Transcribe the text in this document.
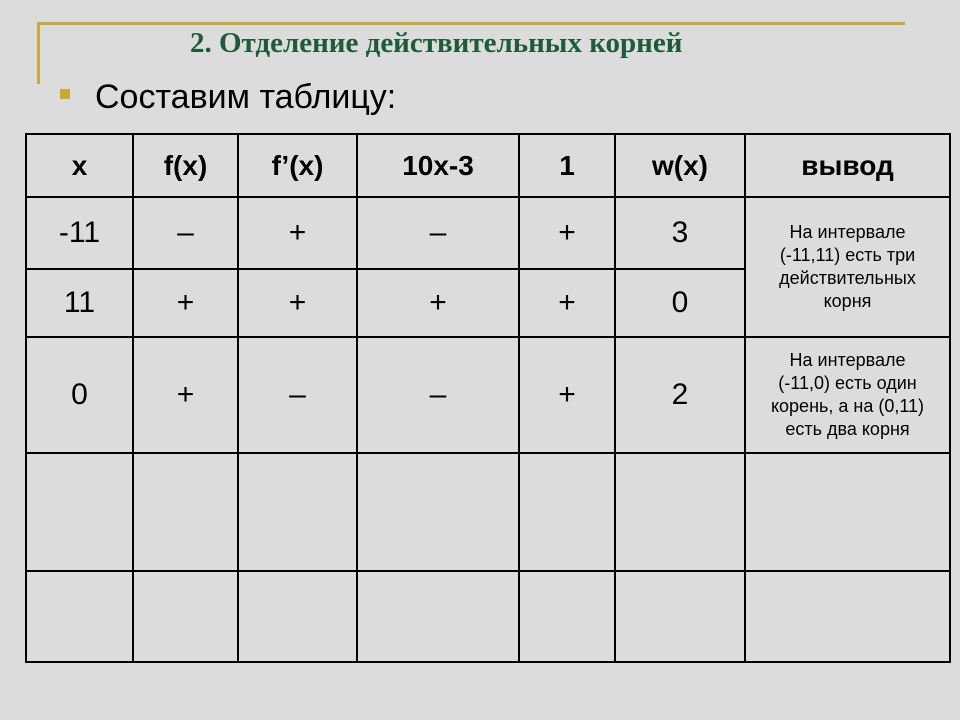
2. Отделение действительных корней
Составим таблицу:
x	f(x)	f’(x)	10x-3	1	w(x)	вывод
-11	–	+	–	+	3	На интервале
(-11,11) есть три
действительных
корня

11	+	+	+	+	0	
0	+	–	–	+	2	На интервале
(-11,0) есть один
корень, а на (0,11)
есть два корня
